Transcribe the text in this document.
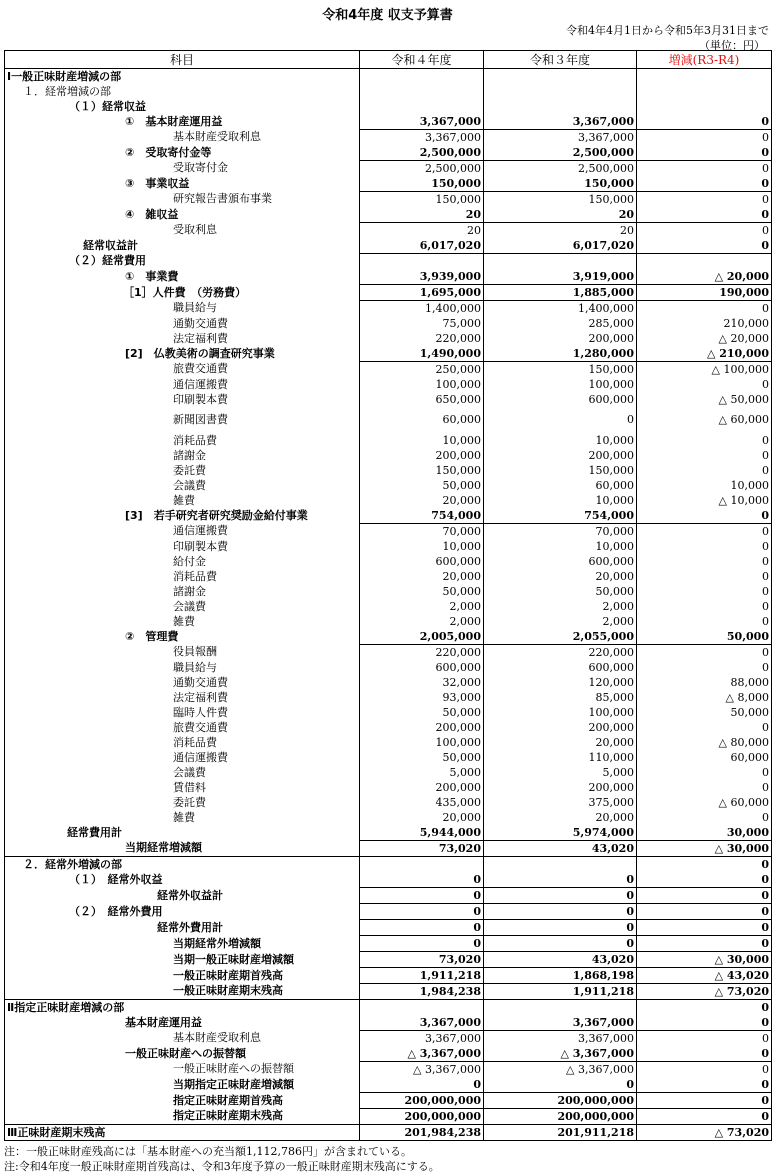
令和4年度 収支予算書
令和4年4月1日から令和5年3月31日まで
（単位：円）
科目	令和４年度	令和３年度	増減(R3-R4)
Ⅰ一般正味財産増減の部			
１．経常増減の部			
（１）経常収益			
①　基本財産運用益	3,367,000	3,367,000	0
基本財産受取利息	3,367,000	3,367,000	0
②　受取寄付金等	2,500,000	2,500,000	0
受取寄付金	2,500,000	2,500,000	0
③　事業収益	150,000	150,000	0
研究報告書頒布事業	150,000	150,000	0
④　雑収益	20	20	0
受取利息	20	20	0
経常収益計	6,017,020	6,017,020	0
（２）経常費用			
①　事業費	3,939,000	3,919,000	△ 20,000
［1］人件費　（労務費）	1,695,000	1,885,000	190,000
職員給与	1,400,000	1,400,000	0
通勤交通費	75,000	285,000	210,000
法定福利費	220,000	200,000	△ 20,000
[2]　仏教美術の調査研究事業	1,490,000	1,280,000	△ 210,000
旅費交通費	250,000	150,000	△ 100,000
通信運搬費	100,000	100,000	0
印刷製本費	650,000	600,000	△ 50,000
新聞図書費	60,000	0	△ 60,000
消耗品費	10,000	10,000	0
諸謝金	200,000	200,000	0
委託費	150,000	150,000	0
会議費	50,000	60,000	10,000
雑費	20,000	10,000	△ 10,000
[3]　若手研究者研究奨励金給付事業	754,000	754,000	0
通信運搬費	70,000	70,000	0
印刷製本費	10,000	10,000	0
給付金	600,000	600,000	0
消耗品費	20,000	20,000	0
諸謝金	50,000	50,000	0
会議費	2,000	2,000	0
雑費	2,000	2,000	0
②　管理費	2,005,000	2,055,000	50,000
役員報酬	220,000	220,000	0
職員給与	600,000	600,000	0
通勤交通費	32,000	120,000	88,000
法定福利費	93,000	85,000	△ 8,000
臨時人件費	50,000	100,000	50,000
旅費交通費	200,000	200,000	0
消耗品費	100,000	20,000	△ 80,000
通信運搬費	50,000	110,000	60,000
会議費	5,000	5,000	0
賃借料	200,000	200,000	0
委託費	435,000	375,000	△ 60,000
雑費	20,000	20,000	0
経常費用計	5,944,000	5,974,000	30,000
当期経常増減額	73,020	43,020	△ 30,000
２．経常外増減の部			0
（１）　経常外収益	0	0	0
経常外収益計	0	0	0
（２）　経常外費用	0	0	0
経常外費用計	0	0	0
当期経常外増減額	0	0	0
当期一般正味財産増減額	73,020	43,020	△ 30,000
一般正味財産期首残高	1,911,218	1,868,198	△ 43,020
一般正味財産期末残高	1,984,238	1,911,218	△ 73,020
Ⅱ指定正味財産増減の部			0
基本財産運用益	3,367,000	3,367,000	0
基本財産受取利息	3,367,000	3,367,000	0
一般正味財産への振替額	△ 3,367,000	△ 3,367,000	0
一般正味財産への振替額	△ 3,367,000	△ 3,367,000	0
当期指定正味財産増減額	0	0	0
指定正味財産期首残高	200,000,000	200,000,000	0
指定正味財産期末残高	200,000,000	200,000,000	0
Ⅲ正味財産期末残高	201,984,238	201,911,218	△ 73,020
注：一般正味財産残高には「基本財産への充当額1,112,786円」が含まれている。
注:令和4年度一般正味財産期首残高は、令和3年度予算の一般正味財産期末残高にする。
